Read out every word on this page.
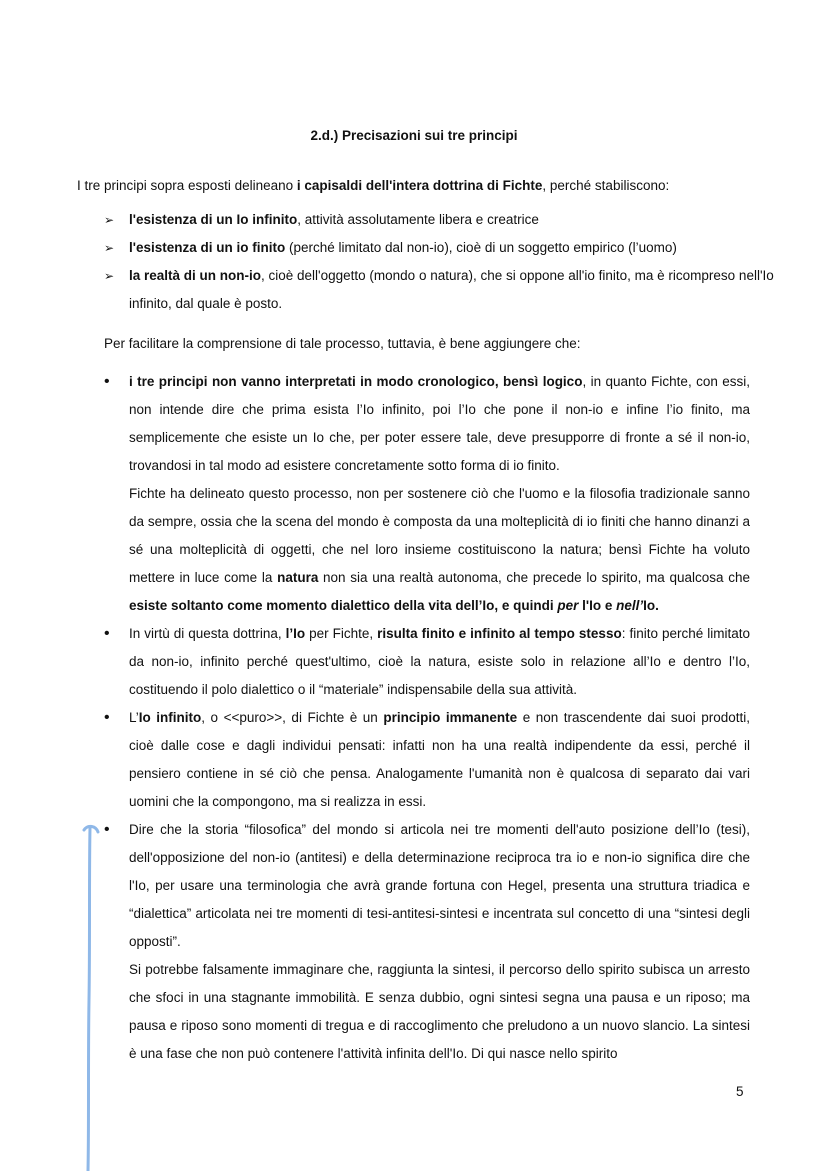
2.d.) Precisazioni sui tre principi
I tre principi sopra esposti delineano i capisaldi dell'intera dottrina di Fichte, perché stabiliscono:
➢ l'esistenza di un Io infinito, attività assolutamente libera e creatrice
➢ l'esistenza di un io finito (perché limitato dal non-io), cioè di un soggetto empirico (l’uomo)
➢ la realtà di un non-io, cioè dell'oggetto (mondo o natura), che si oppone all'io finito, ma è ricompreso nell'Io infinito, dal quale è posto.
Per facilitare la comprensione di tale processo, tuttavia, è bene aggiungere che:
• i tre principi non vanno interpretati in modo cronologico, bensì logico, in quanto Fichte, con essi, non intende dire che prima esista l’Io infinito, poi l’Io che pone il non-io e infine l’io finito, ma semplicemente che esiste un Io che, per poter essere tale, deve presupporre di fronte a sé il non-io, trovandosi in tal modo ad esistere concretamente sotto forma di io finito.

Fichte ha delineato questo processo, non per sostenere ciò che l'uomo e la filosofia tradizionale sanno da sempre, ossia che la scena del mondo è composta da una molteplicità di io finiti che hanno dinanzi a sé una molteplicità di oggetti, che nel loro insieme costituiscono la natura; bensì Fichte ha voluto mettere in luce come la natura non sia una realtà autonoma, che precede lo spirito, ma qualcosa che esiste soltanto come momento dialettico della vita dell’Io, e quindi per l'Io e nell’Io.

• In virtù di questa dottrina, l’Io per Fichte, risulta finito e infinito al tempo stesso: finito perché limitato da non-io, infinito perché quest'ultimo, cioè la natura, esiste solo in relazione all’Io e dentro l’Io, costituendo il polo dialettico o il “materiale” indispensabile della sua attività.

• L’Io infinito, o <<puro>>, di Fichte è un principio immanente e non trascendente dai suoi prodotti, cioè dalle cose e dagli individui pensati: infatti non ha una realtà indipendente da essi, perché il pensiero contiene in sé ciò che pensa. Analogamente l'umanità non è qualcosa di separato dai vari uomini che la compongono, ma si realizza in essi.

• Dire che la storia “filosofica” del mondo si articola nei tre momenti dell'auto posizione dell’Io (tesi), dell'opposizione del non-io (antitesi) e della determinazione reciproca tra io e non-io significa dire che l'Io, per usare una terminologia che avrà grande fortuna con Hegel, presenta una struttura triadica e “dialettica” articolata nei tre momenti di tesi-antitesi-sintesi e incentrata sul concetto di una “sintesi degli opposti”.

Si potrebbe falsamente immaginare che, raggiunta la sintesi, il percorso dello spirito subisca un arresto che sfoci in una stagnante immobilità. E senza dubbio, ogni sintesi segna una pausa e un riposo; ma pausa e riposo sono momenti di tregua e di raccoglimento che preludono a un nuovo slancio. La sintesi è una fase che non può contenere l'attività infinita dell'Io. Di qui nasce nello spirito

5
